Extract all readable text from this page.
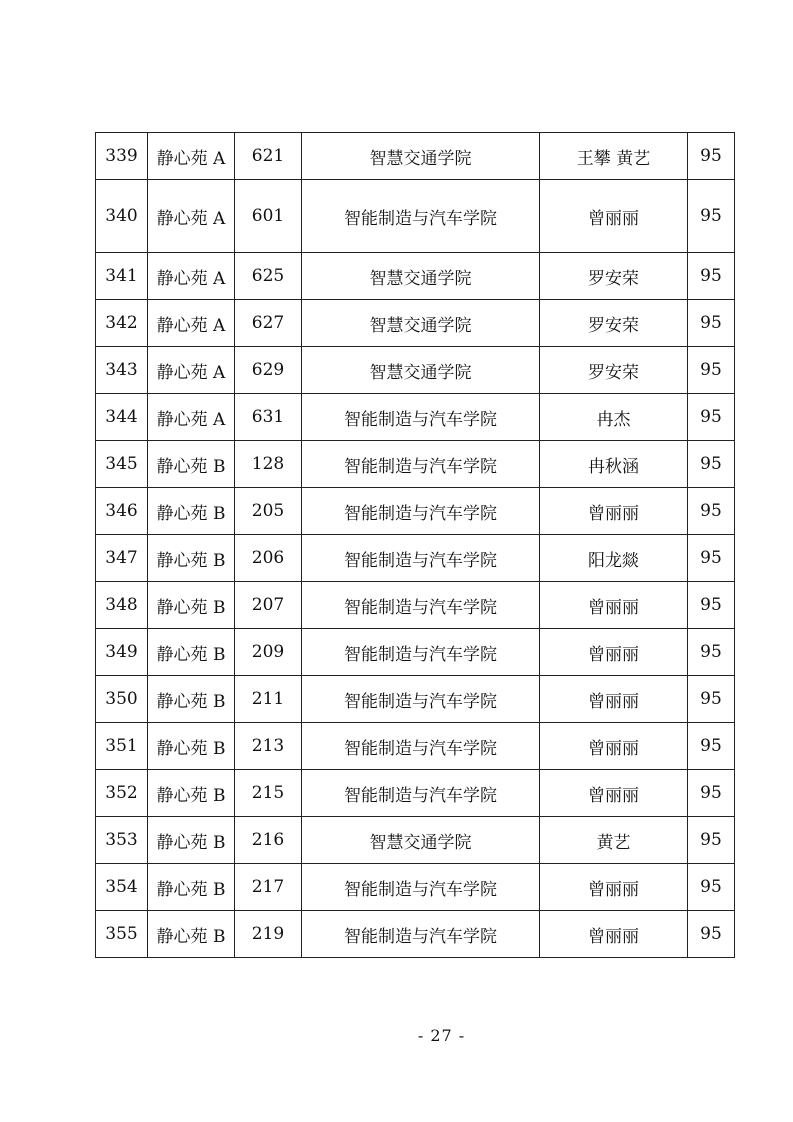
339	静心苑 A	621	智慧交通学院	王攀 黄艺	95
340	静心苑 A	601	智能制造与汽车学院	曾丽丽	95
341	静心苑 A	625	智慧交通学院	罗安荣	95
342	静心苑 A	627	智慧交通学院	罗安荣	95
343	静心苑 A	629	智慧交通学院	罗安荣	95
344	静心苑 A	631	智能制造与汽车学院	冉杰	95
345	静心苑 B	128	智能制造与汽车学院	冉秋涵	95
346	静心苑 B	205	智能制造与汽车学院	曾丽丽	95
347	静心苑 B	206	智能制造与汽车学院	阳龙燚	95
348	静心苑 B	207	智能制造与汽车学院	曾丽丽	95
349	静心苑 B	209	智能制造与汽车学院	曾丽丽	95
350	静心苑 B	211	智能制造与汽车学院	曾丽丽	95
351	静心苑 B	213	智能制造与汽车学院	曾丽丽	95
352	静心苑 B	215	智能制造与汽车学院	曾丽丽	95
353	静心苑 B	216	智慧交通学院	黄艺	95
354	静心苑 B	217	智能制造与汽车学院	曾丽丽	95
355	静心苑 B	219	智能制造与汽车学院	曾丽丽	95
- 27 -
